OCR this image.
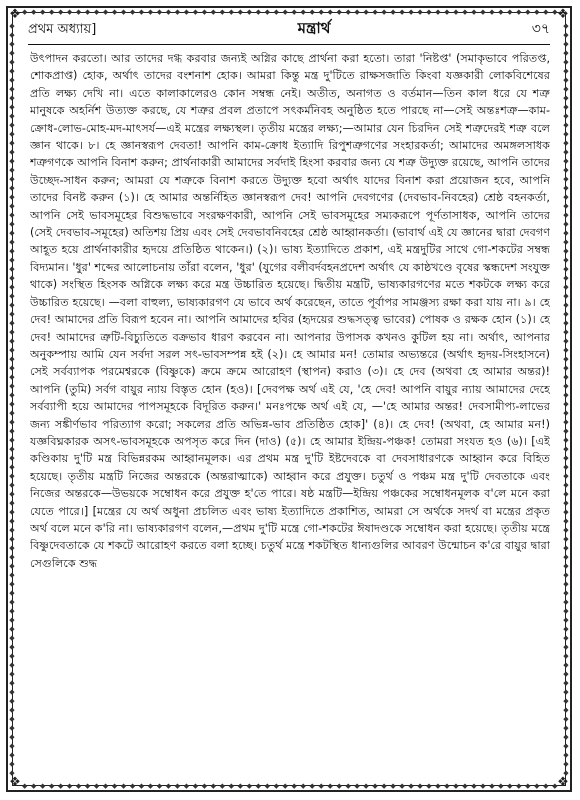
❖	❖
❖	❖
◆ ◆ ◆ ◆ ◆ ◆ ◆ ◆ ◆ ◆ ◆ ◆ ◆ ◆ ◆ ◆ ◆ ◆ ◆ ◆ ◆ ◆ ◆ ◆ ◆ ◆ ◆ ◆ ◆ ◆ ◆ ◆ ◆ ◆ ◆ ◆ ◆ ◆ ◆ ◆ ◆ ◆ ◆ ◆ ◆ ◆ ◆ ◆ ◆ ◆ ◆ ◆ ◆ ◆ ◆ ◆ ◆ ◆ ◆ ◆
◆ ◆ ◆ ◆ ◆ ◆ ◆ ◆ ◆ ◆ ◆ ◆ ◆ ◆ ◆ ◆ ◆ ◆ ◆ ◆ ◆ ◆ ◆ ◆ ◆ ◆ ◆ ◆ ◆ ◆ ◆ ◆ ◆ ◆ ◆ ◆ ◆ ◆ ◆ ◆ ◆ ◆ ◆ ◆ ◆ ◆ ◆ ◆ ◆ ◆ ◆ ◆ ◆ ◆ ◆ ◆ ◆ ◆ ◆ ◆
◆
◆
◆
◆
◆
◆
◆
◆
◆
◆
◆
◆
◆
◆
◆
◆
◆
◆
◆
◆
◆
◆
◆
◆
◆
◆
◆
◆
◆
◆
◆
◆
◆
◆
◆
◆
◆
◆
◆
◆
◆
◆
◆
◆
◆
◆
◆
◆
◆
◆
◆
◆
◆
◆
◆
◆
◆
◆
◆
◆
◆
◆
◆
◆
◆
◆
◆
◆
◆
◆
◆
◆
◆
◆
◆
◆
◆
◆
◆
◆
◆
◆
◆
◆
◆
◆
◆
◆
◆
◆
◆
◆
◆
◆
◆
◆
◆
◆
◆
◆
◆
◆
◆
◆
◆
◆
◆
◆
◆
◆
◆
◆
◆
◆
◆
◆
◆
◆
◆
◆
◆
◆
◆
◆
◆
◆
◆
◆
◆
◆
◆
◆
◆
◆
◆
◆
◆
◆
◆
◆
◆
◆
◆
◆
◆
◆
◆
◆
◆
◆
◆
◆
◆
◆
◆
◆
◆
◆
◆
◆
◆
◆
◆
◆
◆
◆
◆
◆
প্রথম অধ্যায়]	মন্ত্রার্থ	৩৭

উৎপাদন করতো। আর তাদের দগ্ধ করবার জন্যই অগ্নির কাছে প্রার্থনা করা হতো। তারা 'নিষ্টপ্ত' (সমাকৃভাবে পরিতপ্ত, শোকপ্রাপ্ত) হোক, অর্থাৎ তাদের বংশনাশ হোক। আমরা কিন্তু মন্ত্র দু'টিতে রাক্ষসজাতি কিংবা যজ্ঞকারী লোকবিশেষের প্রতি লক্ষ্য দেখি না। এতে কালাকালেরও কোন সম্বন্ধ নেই। অতীত, অনাগত ও বর্তমান—তিন কাল ধরে যে শত্রু মানুষকে অহর্নিশ উত্যক্ত করছে, যে শত্রুর প্রবল প্রতাপে সৎকর্মনিবহ অনুষ্ঠিত হতে পারছে না—সেই অন্তঃশত্রু—কাম-ক্রোধ-লোভ-মোহ-মদ-মাৎসর্য—এই মন্ত্রের লক্ষ্যস্থল। তৃতীয় মন্ত্রের লক্ষ্য;—আমার যেন চিরদিন সেই শত্রুদেরই শত্রু বলে জ্ঞান থাকে। ৮। হে জ্ঞানস্বরূপ দেবতা! আপনি কাম-ক্রোধ ইত্যাদি রিপুশত্রুগণের সংহারকর্তা; আমাদের অমঙ্গলসাধক শত্রুগণকে আপনি বিনাশ করুন; প্রার্থনাকারী আমাদের সর্বদাই হিংসা করবার জন্য যে শত্রু উদ্যুক্ত রয়েছে, আপনি তাদের উচ্ছেদ-সাধন করুন; আমরা যে শত্রুকে বিনাশ করতে উদ্যুক্ত হবো অর্থাৎ যাদের বিনাশ করা প্রয়োজন হবে, আপনি তাদের বিনষ্ট করুন (১)। হে আমার অন্তর্নিহিত জ্ঞানস্বরূপ দেব! আপনি দেবগণের (দেবভাব-নিবহের) শ্রেষ্ঠ বহনকর্তা, আপনি সেই ভাবসমূহের বিশুদ্ধভাবে সংরক্ষণকারী, আপনি সেই ভাবসমূহের সম্যকরূপে পূর্ণতাসাধক, আপনি তাদের (সেই দেবভাব-সমূহের) অতিশয় প্রিয় এবং সেই দেবভাবনিবহের শ্রেষ্ঠ আহ্বানকর্তা। (ভাবার্থ এই যে জ্ঞানের দ্বারা দেবগণ আহূত হয়ে প্রার্থনাকারীর হৃদয়ে প্রতিষ্ঠিত থাকেন।) (২)। ভাষ্য ইত্যাদিতে প্রকাশ, এই মন্ত্রদুটির সাথে গো-শকটের সম্বন্ধ বিদ্যমান। 'ধুর' শব্দের আলোচনায় তাঁরা বলেন, 'ধুর' (যুগের বলীবর্দবহনপ্রদেশ অর্থাৎ যে কাষ্ঠখণ্ডে বৃষের স্কন্ধদেশ সংযুক্ত থাকে) সংস্থিত হিংসক অগ্নিকে লক্ষ্য করে মন্ত্র উচ্চারিত হয়েছে। দ্বিতীয় মন্ত্রটি, ভাষ্যকারগণের মতে শকটকে লক্ষ্য করে উচ্চারিত হয়েছে। —বলা বাহুল্য, ভাষ্যকারগণ যে ভাবে অর্থ করেছেন, তাতে পূর্বাপর সামঞ্জস্য রক্ষা করা যায় না। ৯। হে দেব! আমাদের প্রতি বিরূপ হবেন না। আপনি আমাদের হবির (হৃদয়ের শুদ্ধসত্ত্ব ভাবের) পোষক ও রক্ষক হোন (১)। হে দেব! আমাদের ত্রুটি-বিচ্যুতিতে বক্রভাব ধারণ করবেন না। আপনার উপাসক কখনও কুটিল হয় না। অর্থাৎ, আপনার অনুকম্পায় আমি যেন সর্বদা সরল সৎ-ভাবসম্পন্ন হই (২)। হে আমার মন! তোমার অভ্যন্তরে (অর্থাৎ হৃদয়-সিংহাসনে) সেই সর্বব্যাপক পরমেশ্বরকে (বিষ্ণুকে) ক্রমে ক্রমে আরোহণ (স্থাপন) করাও (৩)। হে দেব (অথবা হে আমার অন্তর)! আপনি (তুমি) সর্বগ বায়ুর ন্যায় বিস্তৃত হোন (হও)। [দেবপক্ষ অর্থ এই যে, 'হে দেব! আপনি বায়ুর ন্যায় আমাদের দেহে সর্বব্যাপী হয়ে আমাদের পাপসমূহকে বিদূরিত করুন।' মনঃপক্ষে অর্থ এই যে, —'হে আমার অন্তর! দেবসামীপ্য-লাভের জন্য সঙ্কীর্ণভাব পরিত্যাগ করো; সকলের প্রতি অভিন্ন-ভাব প্রতিষ্ঠিত হোক]' (৪)। হে দেব! (অথবা, হে আমার মন!) যজ্ঞবিঘ্নকারক অসৎ-ভাবসমূহকে অপসৃত করে দিন (দাও) (৫)। হে আমার ইন্দ্রিয়-পঞ্চক! তোমরা সংযত হও (৬)। [এই কণ্ডিকায় দু'টি মন্ত্র বিভিন্নরকম আহ্বানমূলক। এর প্রথম মন্ত্র দু'টি ইষ্টদেবকে বা দেবসাধারণকে আহ্বান করে বিহিত হয়েছে। তৃতীয় মন্ত্রটি নিজের অন্তরকে (অন্তরাত্মাকে) আহ্বান করে প্রযুক্ত। চতুর্থ ও পঞ্চম মন্ত্র দু'টি দেবতাকে এবং নিজের অন্তরকে—উভয়কে সম্বোধন করে প্রযুক্ত হ'তে পারে। ষষ্ঠ মন্ত্রটি—ইন্দ্রিয় পঞ্চকের সম্বোধনমূলক ব'লে মনে করা যেতে পারে।] [মন্ত্রের যে অর্থ অধুনা প্রচলিত এবং ভাষ্য ইত্যাদিতে প্রকাশিত, আমরা সে অর্থকে সদর্থ বা মন্ত্রের প্রকৃত অর্থ বলে মনে ক'রি না। ভাষ্যকারগণ বলেন,—প্রথম দু'টি মন্ত্রে গো-শকটের ঈষাদণ্ডকে সম্বোধন করা হয়েছে। তৃতীয় মন্ত্রে বিষ্ণুদেবতাকে যে শকটে আরোহণ করতে বলা হচ্ছে। চতুর্থ মন্ত্রে শকটস্থিত ধান্যগুলির আবরণ উন্মোচন ক'রে বায়ুর দ্বারা সেগুলিকে শুদ্ধ
